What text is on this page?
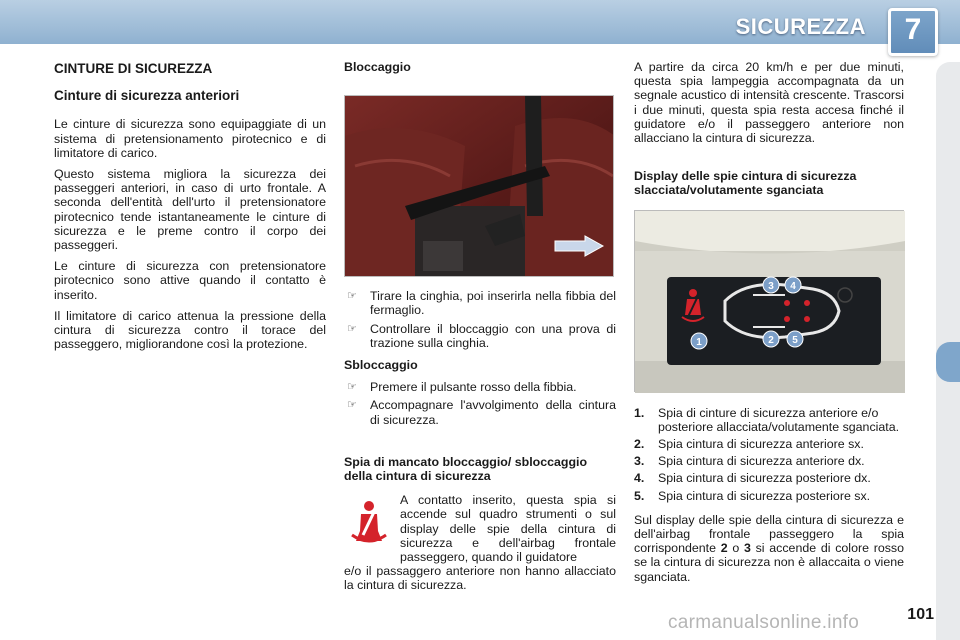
SICUREZZA	7
CINTURE DI SICUREZZA
Cinture di sicurezza anteriori

Le cinture di sicurezza sono equipaggiate di un sistema di pretensionamento pirotecnico e di limitatore di carico.

Questo sistema migliora la sicurezza dei passeggeri anteriori, in caso di urto frontale. A seconda dell'entità dell'urto il pretensionatore pirotecnico tende istantaneamente le cinture di sicurezza e le preme contro il corpo dei passeggeri.

Le cinture di sicurezza con pretensionatore pirotecnico sono attive quando il contatto è inserito.

Il limitatore di carico attenua la pressione della cintura di sicurezza contro il torace del passeggero, migliorandone così la protezione.

Bloccaggio
☞ Tirare la cinghia, poi inserirla nella fibbia del fermaglio.
☞ Controllare il bloccaggio con una prova di trazione sulla cinghia.
Sbloccaggio
☞ Premere il pulsante rosso della fibbia.
☞ Accompagnare l'avvolgimento della cintura di sicurezza.
Spia di mancato bloccaggio/ sbloccaggio della cintura di sicurezza

A contatto inserito, questa spia si accende sul quadro strumenti o sul display delle spie della cintura di sicurezza e dell'airbag frontale passeggero, quando il guidatore

e/o il passaggero anteriore non hanno allacciato la cintura di sicurezza.

A partire da circa 20 km/h e per due minuti, questa spia lampeggia accompagnata da un segnale acustico di intensità crescente. Trascorsi i due minuti, questa spia resta accesa finché il guidatore e/o il passeggero anteriore non allacciano la cintura di sicurezza.

Display delle spie cintura di sicurezza slacciata/volutamente sganciata
1	2
3 4
5
1. Spia di cinture di sicurezza anteriore e/o posteriore allacciata/volutamente sganciata.
2. Spia cintura di sicurezza anteriore sx.
3. Spia cintura di sicurezza anteriore dx.
4. Spia cintura di sicurezza posteriore dx.
5. Spia cintura di sicurezza posteriore sx.

Sul display delle spie della cintura di sicurezza e dell'airbag frontale passeggero la spia corrispondente 2 o 3 si accende di colore rosso se la cintura di sicurezza non è allaccaita o viene sganciata.

101
carmanualsonline.info
